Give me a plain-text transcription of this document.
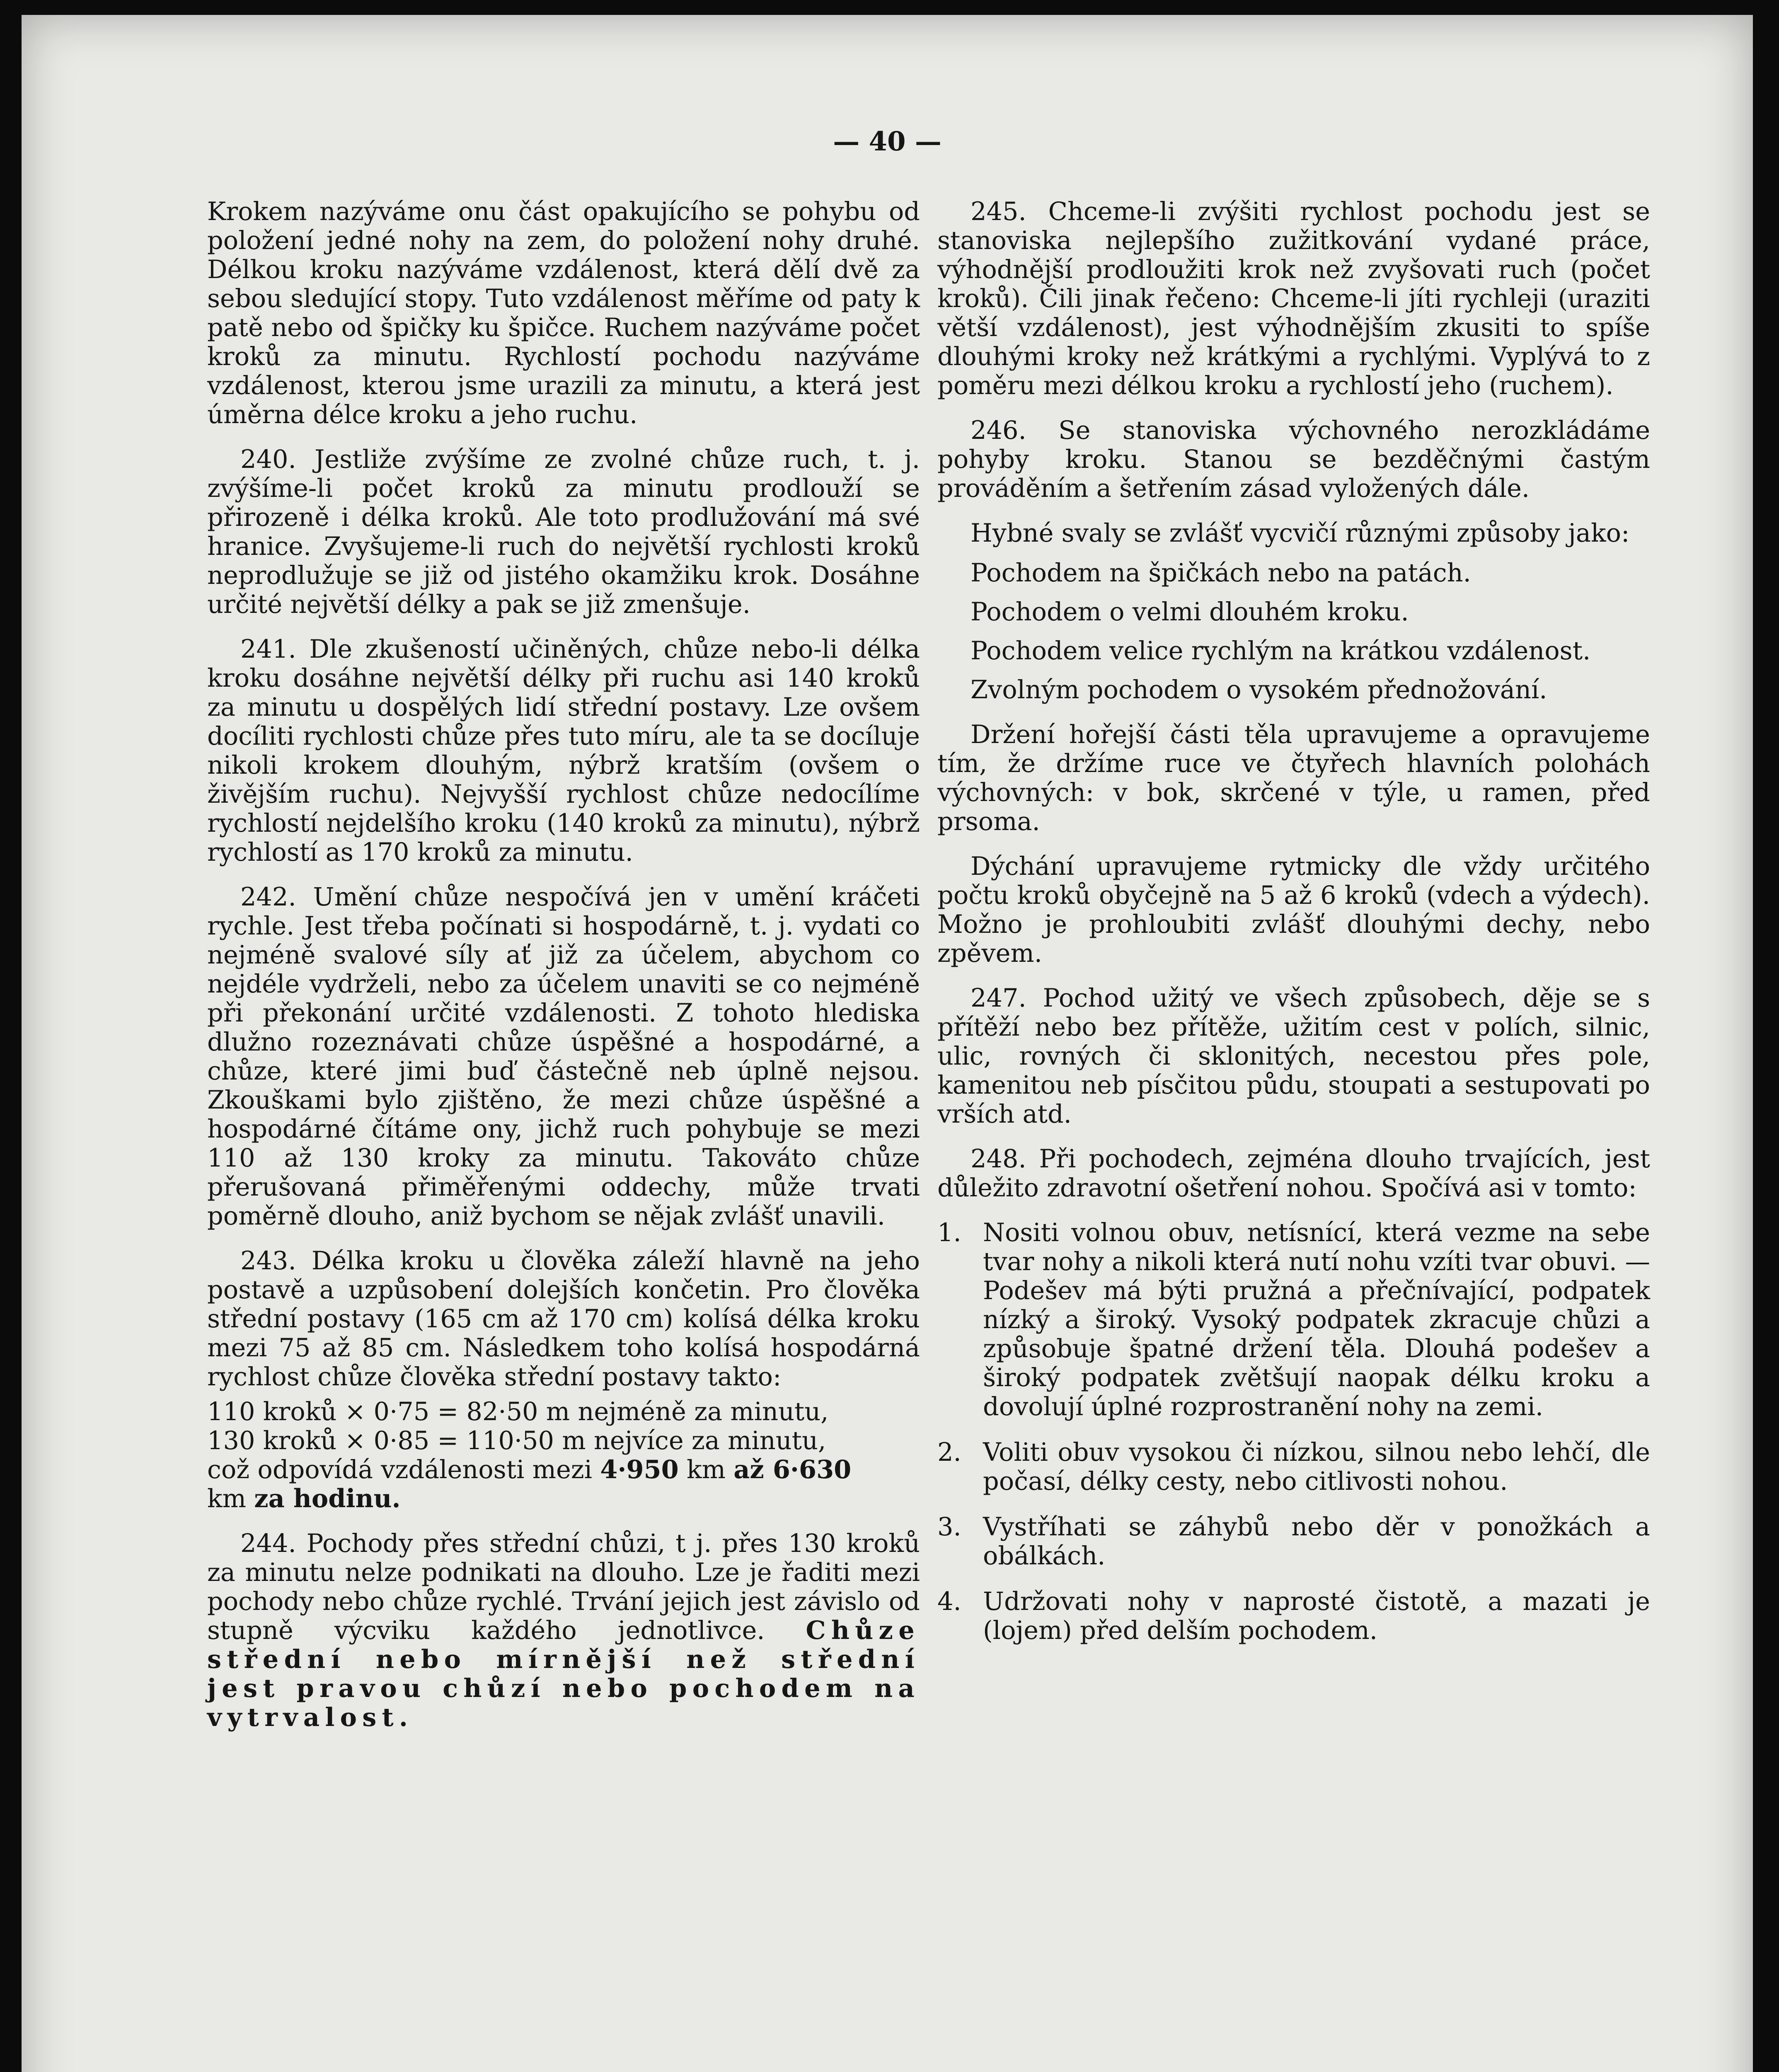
— 40 —

Krokem nazýváme onu část opakujícího se pohybu od položení jedné nohy na zem, do položení nohy druhé. Délkou kroku nazýváme vzdálenost, která dělí dvě za sebou sledující stopy. Tuto vzdálenost měříme od paty k patě nebo od špičky ku špičce. Ruchem nazýváme počet kroků za minutu. Rychlostí pochodu nazýváme vzdálenost, kterou jsme urazili za minutu, a která jest úměrna délce kroku a jeho ruchu.

240. Jestliže zvýšíme ze zvolné chůze ruch, t. j. zvýšíme-li počet kroků za minutu prodlouží se přirozeně i délka kroků. Ale toto prodlužování má své hranice. Zvyšujeme-li ruch do největší rychlosti kroků neprodlužuje se již od jistého okamžiku krok. Dosáhne určité největší délky a pak se již zmenšuje.

241. Dle zkušeností učiněných, chůze nebo-li délka kroku dosáhne největší délky při ruchu asi 140 kroků za minutu u dospělých lidí střední postavy. Lze ovšem docíliti rychlosti chůze přes tuto míru, ale ta se docíluje nikoli krokem dlouhým, nýbrž kratším (ovšem o živějším ruchu). Nejvyšší rychlost chůze nedocílíme rychlostí nejdelšího kroku (140 kroků za minutu), nýbrž rychlostí as 170 kroků za minutu.

242. Umění chůze nespočívá jen v umění kráčeti rychle. Jest třeba počínati si hospodárně, t. j. vydati co nejméně svalové síly ať již za účelem, abychom co nejdéle vydrželi, nebo za účelem unaviti se co nejméně při překonání určité vzdálenosti. Z tohoto hlediska dlužno rozeznávati chůze úspěšné a hospodárné, a chůze, které jimi buď částečně neb úplně nejsou. Zkouškami bylo zjištěno, že mezi chůze úspěšné a hospodárné čítáme ony, jichž ruch pohybuje se mezi 110 až 130 kroky za minutu. Takováto chůze přerušovaná přiměřenými oddechy, může trvati poměrně dlouho, aniž bychom se nějak zvlášť unavili.

243. Délka kroku u člověka záleží hlavně na jeho postavě a uzpůsobení dolejších končetin. Pro člověka střední postavy (165 cm až 170 cm) kolísá délka kroku mezi 75 až 85 cm. Následkem toho kolísá hospodárná rychlost chůze člověka střední postavy takto:

110 kroků × 0·75 = 82·50 m nejméně za minutu,
130 kroků × 0·85 = 110·50 m nejvíce za minutu,
což odpovídá vzdálenosti mezi 4·950 km až 6·630
km za hodinu.

244. Pochody přes střední chůzi, t j. přes 130 kroků za minutu nelze podnikati na dlouho. Lze je řaditi mezi pochody nebo chůze rychlé. Trvání jejich jest závislo od stupně výcviku každého jednotlivce. Chůze střední nebo mírnější než střední jest pravou chůzí nebo pochodem na vytrvalost.

245. Chceme-li zvýšiti rychlost pochodu jest se stanoviska nejlepšího zužitkování vydané práce, výhodnější prodloužiti krok než zvyšovati ruch (počet kroků). Čili jinak řečeno: Chceme-li jíti rychleji (uraziti větší vzdálenost), jest výhodnějším zkusiti to spíše dlouhými kroky než krátkými a rychlými. Vyplývá to z poměru mezi délkou kroku a rychlostí jeho (ruchem).

246. Se stanoviska výchovného nerozkládáme pohyby kroku. Stanou se bezděčnými častým prováděním a šetřením zásad vyložených dále.

Hybné svaly se zvlášť vycvičí různými způsoby jako:

Pochodem na špičkách nebo na patách.

Pochodem o velmi dlouhém kroku.

Pochodem velice rychlým na krátkou vzdálenost.

Zvolným pochodem o vysokém přednožování.

Držení hořejší části těla upravujeme a opravujeme tím, že držíme ruce ve čtyřech hlavních polohách výchovných: v bok, skrčené v týle, u ramen, před prsoma.

Dýchání upravujeme rytmicky dle vždy určitého počtu kroků obyčejně na 5 až 6 kroků (vdech a výdech). Možno je prohloubiti zvlášť dlouhými dechy, nebo zpěvem.

247. Pochod užitý ve všech způsobech, děje se s přítěží nebo bez přítěže, užitím cest v polích, silnic, ulic, rovných či sklonitých, necestou přes pole, kamenitou neb písčitou půdu, stoupati a sestupovati po vrších atd.

248. Při pochodech, zejména dlouho trvajících, jest důležito zdravotní ošetření nohou. Spočívá asi v tomto:

1. Nositi volnou obuv, netísnící, která vezme na sebe tvar nohy a nikoli která nutí nohu vzíti tvar obuvi. — Podešev má býti pružná a přečnívající, podpatek nízký a široký. Vysoký podpatek zkracuje chůzi a způsobuje špatné držení těla. Dlouhá podešev a široký podpatek zvětšují naopak délku kroku a dovolují úplné rozprostranění nohy na zemi.
2. Voliti obuv vysokou či nízkou, silnou nebo lehčí, dle počasí, délky cesty, nebo citlivosti nohou.
3. Vystříhati se záhybů nebo děr v ponožkách a obálkách.
4. Udržovati nohy v naprosté čistotě, a mazati je (lojem) před delším pochodem.
